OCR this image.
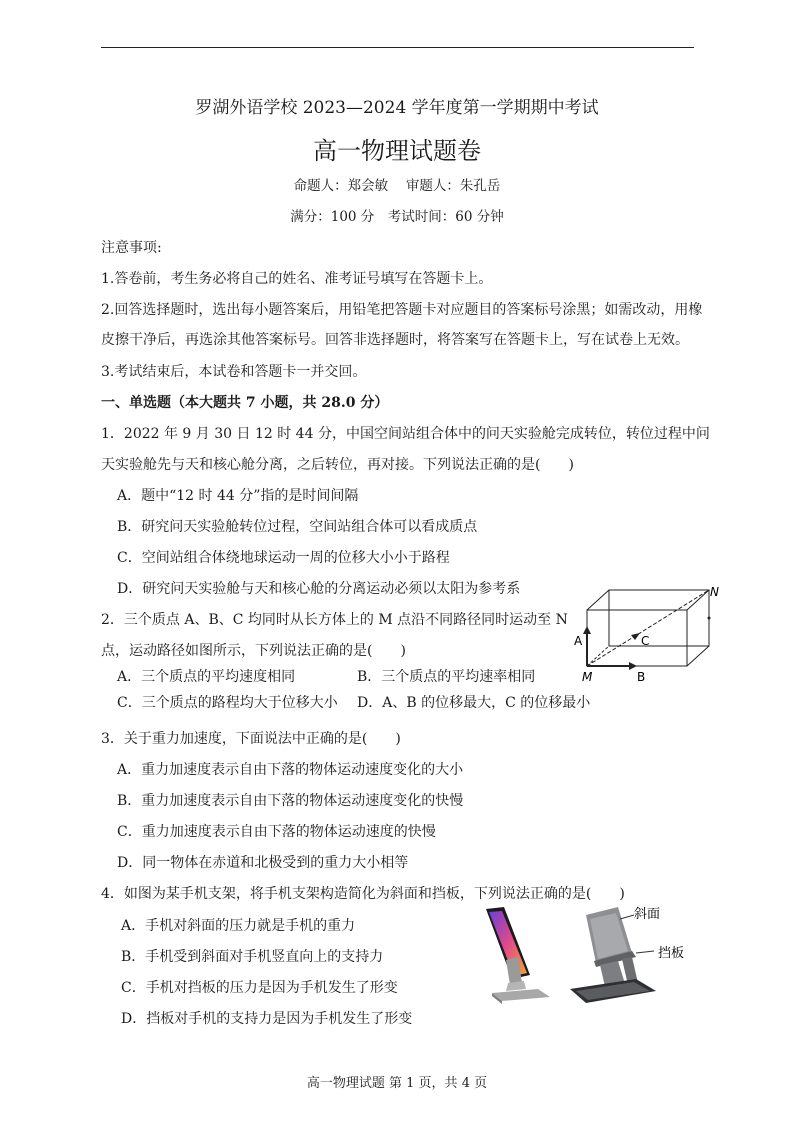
罗湖外语学校 2023—2024 学年度第一学期期中考试
高一物理试题卷
命题人：郑会敏　 审题人：朱孔岳
满分：100 分　考试时间：60 分钟
注意事项:
1.答卷前，考生务必将自己的姓名、准考证号填写在答题卡上。
2.回答选择题时，选出每小题答案后，用铅笔把答题卡对应题目的答案标号涂黑；如需改动，用橡
皮擦干净后，再选涂其他答案标号。回答非选择题时，将答案写在答题卡上，写在试卷上无效。
3.考试结束后，本试卷和答题卡一并交回。
一、单选题（本大题共 7 小题，共 28.0 分）
1．2022 年 9 月 30 日 12 时 44 分，中国空间站组合体中的问天实验舱完成转位，转位过程中问
天实验舱先与天和核心舱分离，之后转位，再对接。下列说法正确的是(　　)
A．题中“12 时 44 分”指的是时间间隔
B．研究问天实验舱转位过程，空间站组合体可以看成质点
C．空间站组合体绕地球运动一周的位移大小小于路程
D．研究问天实验舱与天和核心舱的分离运动必须以太阳为参考系
2．三个质点 A、B、C 均同时从长方体上的 M 点沿不同路径同时运动至 N
点，运动路径如图所示，下列说法正确的是(　　)
A．三个质点的平均速度相同	B．三个质点的平均速率相同
C．三个质点的路程均大于位移大小 D．A、B 的位移最大，C 的位移最小
N
M
A
B
C
3．关于重力加速度，下面说法中正确的是(　　)
A．重力加速度表示自由下落的物体运动速度变化的大小
B．重力加速度表示自由下落的物体运动速度变化的快慢
C．重力加速度表示自由下落的物体运动速度的快慢
D．同一物体在赤道和北极受到的重力大小相等
4．如图为某手机支架，将手机支架构造简化为斜面和挡板，下列说法正确的是(　　)
A．手机对斜面的压力就是手机的重力
B．手机受到斜面对手机竖直向上的支持力
C．手机对挡板的压力是因为手机发生了形变
D．挡板对手机的支持力是因为手机发生了形变
斜面
挡板
高一物理试题 第 1 页，共 4 页
